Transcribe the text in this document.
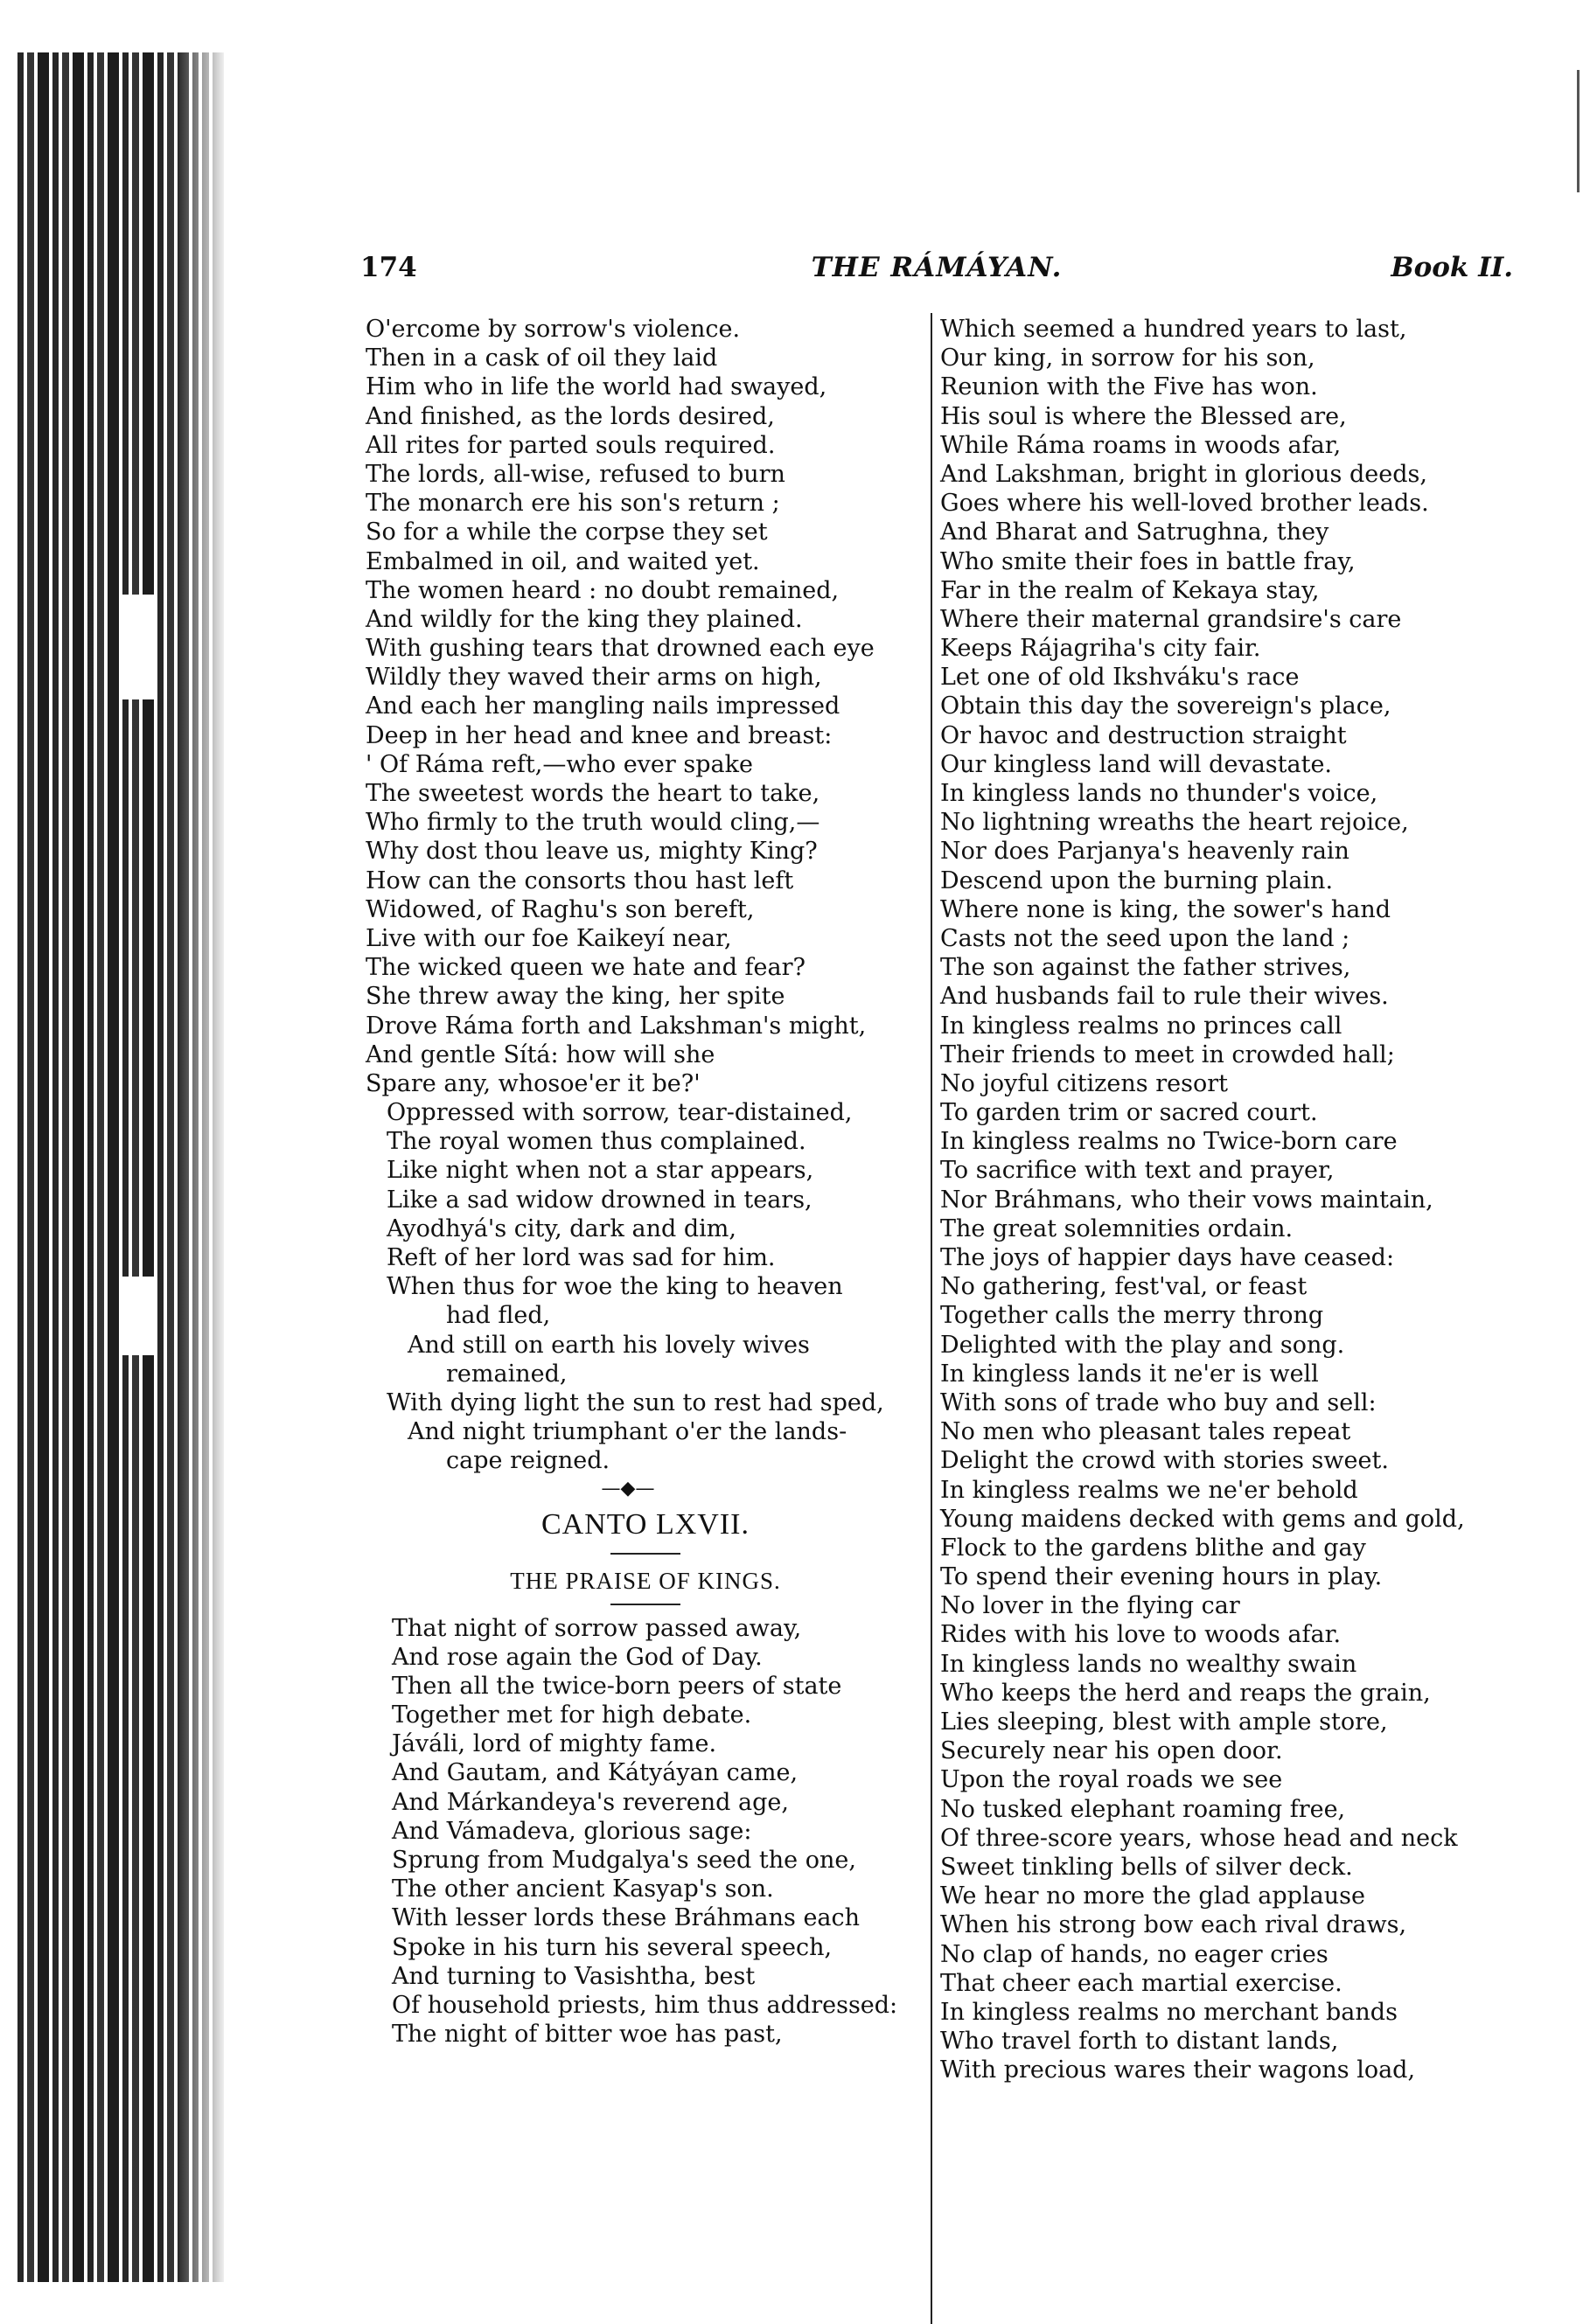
174	THE RÁMÁYAN.	Book II.
O'ercome by sorrow's violence.
Then in a cask of oil they laid
Him who in life the world had swayed,
And finished, as the lords desired,
All rites for parted souls required.
The lords, all-wise, refused to burn
The monarch ere his son's return ;
So for a while the corpse they set
Embalmed in oil, and waited yet.
The women heard : no doubt remained,
And wildly for the king they plained.
With gushing tears that drowned each eye
Wildly they waved their arms on high,
And each her mangling nails impressed
Deep in her head and knee and breast:
' Of Ráma reft,—who ever spake
The sweetest words the heart to take,
Who firmly to the truth would cling,—
Why dost thou leave us, mighty King?
How can the consorts thou hast left
Widowed, of Raghu's son bereft,
Live with our foe Kaikeyí near,
The wicked queen we hate and fear?
She threw away the king, her spite
Drove Ráma forth and Lakshman's might,
And gentle Sítá: how will she
Spare any, whosoe'er it be?'
Oppressed with sorrow, tear-distained,
The royal women thus complained.
Like night when not a star appears,
Like a sad widow drowned in tears,
Ayodhyá's city, dark and dim,
Reft of her lord was sad for him.
When thus for woe the king to heaven
had fled,
And still on earth his lovely wives
remained,
With dying light the sun to rest had sped,
And night triumphant o'er the lands-
cape reigned.
—◆—
CANTO LXVII.
THE PRAISE OF KINGS.
That night of sorrow passed away,
And rose again the God of Day.
Then all the twice-born peers of state
Together met for high debate.
Jáváli, lord of mighty fame.
And Gautam, and Kátyáyan came,
And Márkandeya's reverend age,
And Vámadeva, glorious sage:
Sprung from Mudgalya's seed the one,
The other ancient Kasyap's son.
With lesser lords these Bráhmans each
Spoke in his turn his several speech,
And turning to Vasishtha, best
Of household priests, him thus addressed:
The night of bitter woe has past,
Which seemed a hundred years to last,
Our king, in sorrow for his son,
Reunion with the Five has won.
His soul is where the Blessed are,
While Ráma roams in woods afar,
And Lakshman, bright in glorious deeds,
Goes where his well-loved brother leads.
And Bharat and Satrughna, they
Who smite their foes in battle fray,
Far in the realm of Kekaya stay,
Where their maternal grandsire's care
Keeps Rájagriha's city fair.
Let one of old Ikshváku's race
Obtain this day the sovereign's place,
Or havoc and destruction straight
Our kingless land will devastate.
In kingless lands no thunder's voice,
No lightning wreaths the heart rejoice,
Nor does Parjanya's heavenly rain
Descend upon the burning plain.
Where none is king, the sower's hand
Casts not the seed upon the land ;
The son against the father strives,
And husbands fail to rule their wives.
In kingless realms no princes call
Their friends to meet in crowded hall;
No joyful citizens resort
To garden trim or sacred court.
In kingless realms no Twice-born care
To sacrifice with text and prayer,
Nor Bráhmans, who their vows maintain,
The great solemnities ordain.
The joys of happier days have ceased:
No gathering, fest'val, or feast
Together calls the merry throng
Delighted with the play and song.
In kingless lands it ne'er is well
With sons of trade who buy and sell:
No men who pleasant tales repeat
Delight the crowd with stories sweet.
In kingless realms we ne'er behold
Young maidens decked with gems and gold,
Flock to the gardens blithe and gay
To spend their evening hours in play.
No lover in the flying car
Rides with his love to woods afar.
In kingless lands no wealthy swain
Who keeps the herd and reaps the grain,
Lies sleeping, blest with ample store,
Securely near his open door.
Upon the royal roads we see
No tusked elephant roaming free,
Of three-score years, whose head and neck
Sweet tinkling bells of silver deck.
We hear no more the glad applause
When his strong bow each rival draws,
No clap of hands, no eager cries
That cheer each martial exercise.
In kingless realms no merchant bands
Who travel forth to distant lands,
With precious wares their wagons load,
